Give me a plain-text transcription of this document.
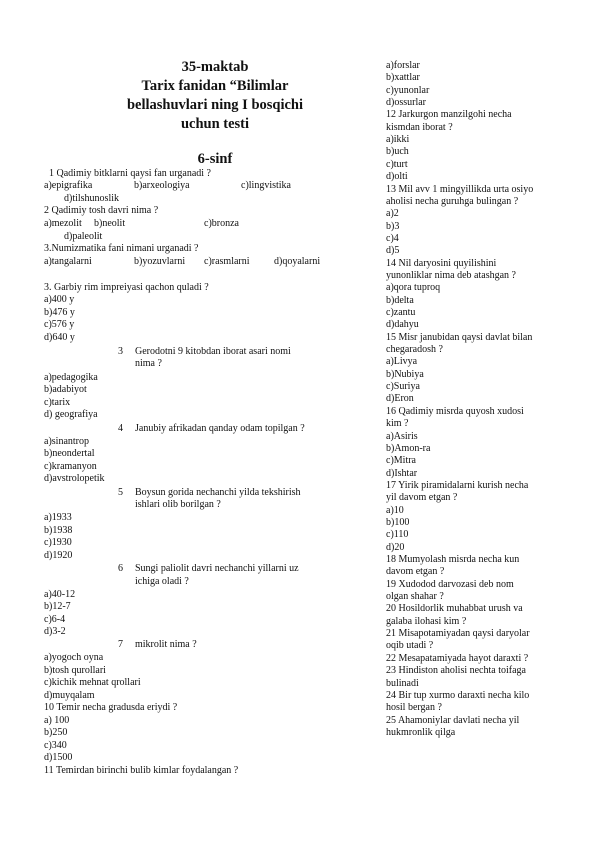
35-maktab
Tarix fanidan “Bilimlar
bellashuvlari ning I bosqichi
uchun testi
6-sinf
1 Qadimiy bitklarni qaysi fan urganadi ?
a)epigrafika	b)arxeologiya	c)lingvistika
d)tilshunoslik
2 Qadimiy tosh davri nima ?
a)mezolit b)neolit	c)bronza
d)paleolit
3.Numizmatika fani nimani urganadi ?
a)tangalarni	b)yozuvlarni c)rasmlarni d)qoyalarni
3. Garbiy rim impreiyasi qachon quladi ?
a)400 y
b)476 y
c)576 y
d)640 y
3 Gerodotni 9 kitobdan iborat asari nomi
nima ?
a)pedagogika
b)adabiyot
c)tarix
d) geografiya
4 Janubiy afrikadan qanday odam topilgan ?
a)sinantrop
b)neondertal
c)kramanyon
d)avstrolopetik
5 Boysun gorida nechanchi yilda tekshirish
ishlari olib borilgan ?
a)1933
b)1938
c)1930
d)1920
6 Sungi paliolit davri nechanchi yillarni uz
ichiga oladi ?
a)40-12
b)12-7
c)6-4
d)3-2
7 mikrolit nima ?
a)yogoch oyna
b)tosh qurollari
c)kichik mehnat qrollari
d)muyqalam
10 Temir necha gradusda eriydi ?
a) 100
b)250
c)340
d)1500
11 Temirdan birinchi bulib kimlar foydalangan ?
a)forslar
b)xattlar
c)yunonlar
d)ossurlar
12 Jarkurgon manzilgohi necha
kismdan iborat ?
a)ikki
b)uch
c)turt
d)olti
13 Mil avv 1 mingyillikda urta osiyo
aholisi necha guruhga bulingan ?
a)2
b)3
c)4
d)5
14 Nil daryosini quyilishini
yunonliklar nima deb atashgan ?
a)qora tuproq
b)delta
c)zantu
d)dahyu
15 Misr janubidan qaysi davlat bilan
chegaradosh ?
a)Livya
b)Nubiya
c)Suriya
d)Eron
16 Qadimiy misrda quyosh xudosi
kim ?
a)Asiris
b)Amon-ra
c)Mitra
d)Ishtar
17 Yirik piramidalarni kurish necha
yil davom etgan ?
a)10
b)100
c)110
d)20
18 Mumyolash misrda necha kun
davom etgan ?
19 Xudodod darvozasi deb nom
olgan shahar ?
20 Hosildorlik muhabbat urush va
galaba ilohasi kim ?
21 Misapotamiyadan qaysi daryolar
oqib utadi ?
22 Mesapatamiyada hayot daraxti ?
23 Hindiston aholisi nechta toifaga
bulinadi
24 Bir tup xurmo daraxti necha kilo
hosil bergan ?
25 Ahamoniylar davlati necha yil
hukmronlik qilga
